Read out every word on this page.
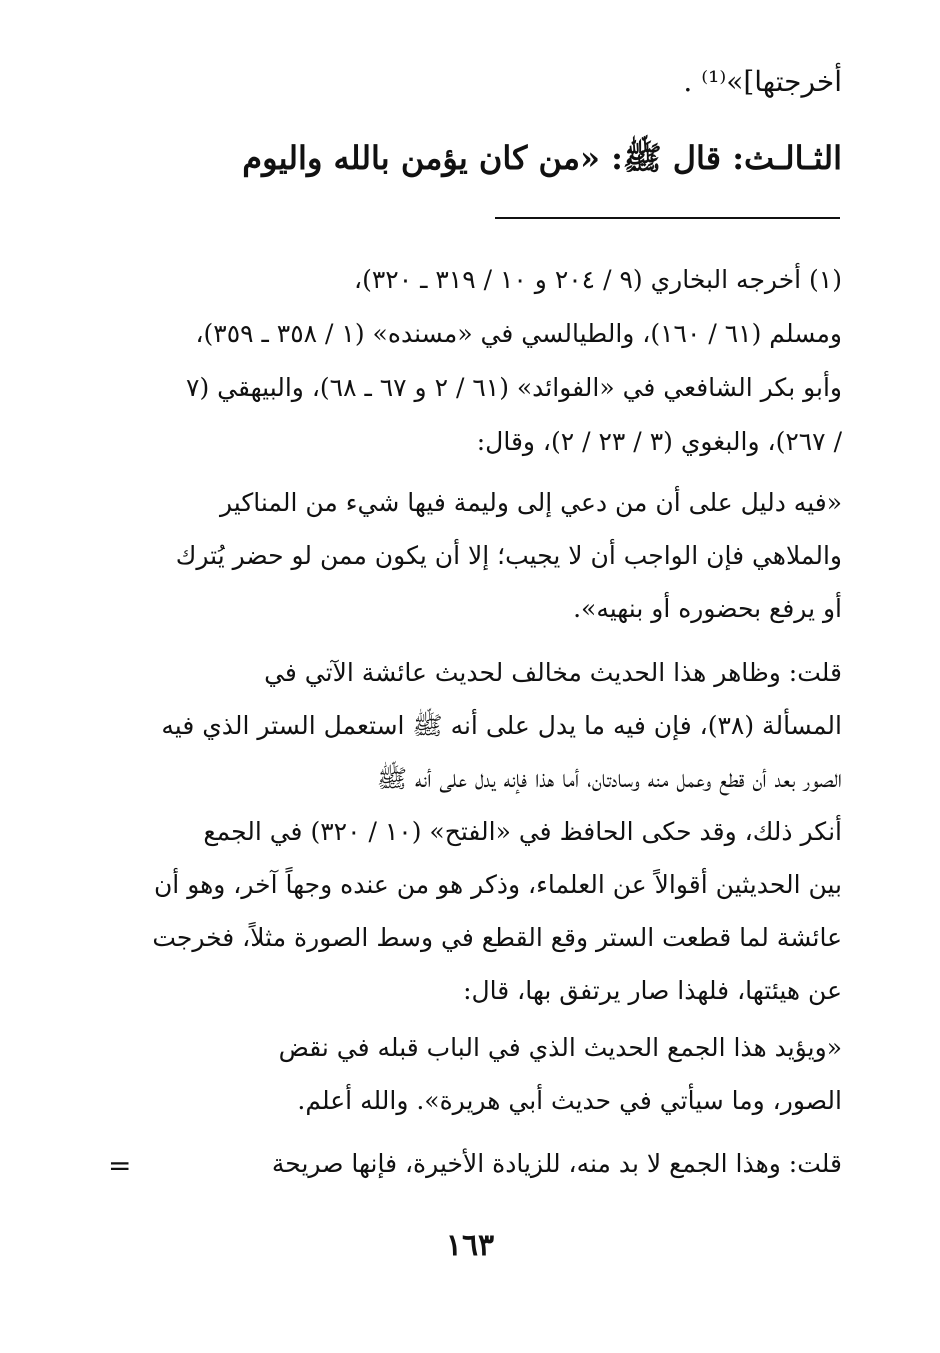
أخرجتها]»⁽¹⁾ .
الثـالـث: قال ﷺ: «من كان يؤمن بالله واليوم
(١) أخرجه البخاري (٩ / ٢٠٤ و ١٠ / ٣١٩ ـ ٣٢٠)،
ومسلم (٦١ / ١٦٠)، والطيالسي في «مسنده» (١ / ٣٥٨ ـ ٣٥٩)،
وأبو بكر الشافعي في «الفوائد» (٦١ / ٢ و ٦٧ ـ ٦٨)، والبيهقي (٧
/ ٢٦٧)، والبغوي (٣ / ٢٣ / ٢)، وقال:
«فيه دليل على أن من دعي إلى وليمة فيها شيء من المناكير
والملاهي فإن الواجب أن لا يجيب؛ إلا أن يكون ممن لو حضر يُترك
أو يرفع بحضوره أو بنهيه».
قلت: وظاهر هذا الحديث مخالف لحديث عائشة الآتي في
المسألة (٣٨)، فإن فيه ما يدل على أنه ﷺ استعمل الستر الذي فيه
الصور بعد أن قطع وعمل منه وسادتان، أما هذا فإنه يدل على أنه ﷺ
أنكر ذلك، وقد حكى الحافظ في «الفتح» (١٠ / ٣٢٠) في الجمع
بين الحديثين أقوالاً عن العلماء، وذكر هو من عنده وجهاً آخر، وهو أن
عائشة لما قطعت الستر وقع القطع في وسط الصورة مثلاً، فخرجت
عن هيئتها، فلهذا صار يرتفق بها، قال:
«ويؤيد هذا الجمع الحديث الذي في الباب قبله في نقض
الصور، وما سيأتي في حديث أبي هريرة». والله أعلم.
قلت: وهذا الجمع لا بد منه، للزيادة الأخيرة، فإنها صريحة
=
١٦٣
